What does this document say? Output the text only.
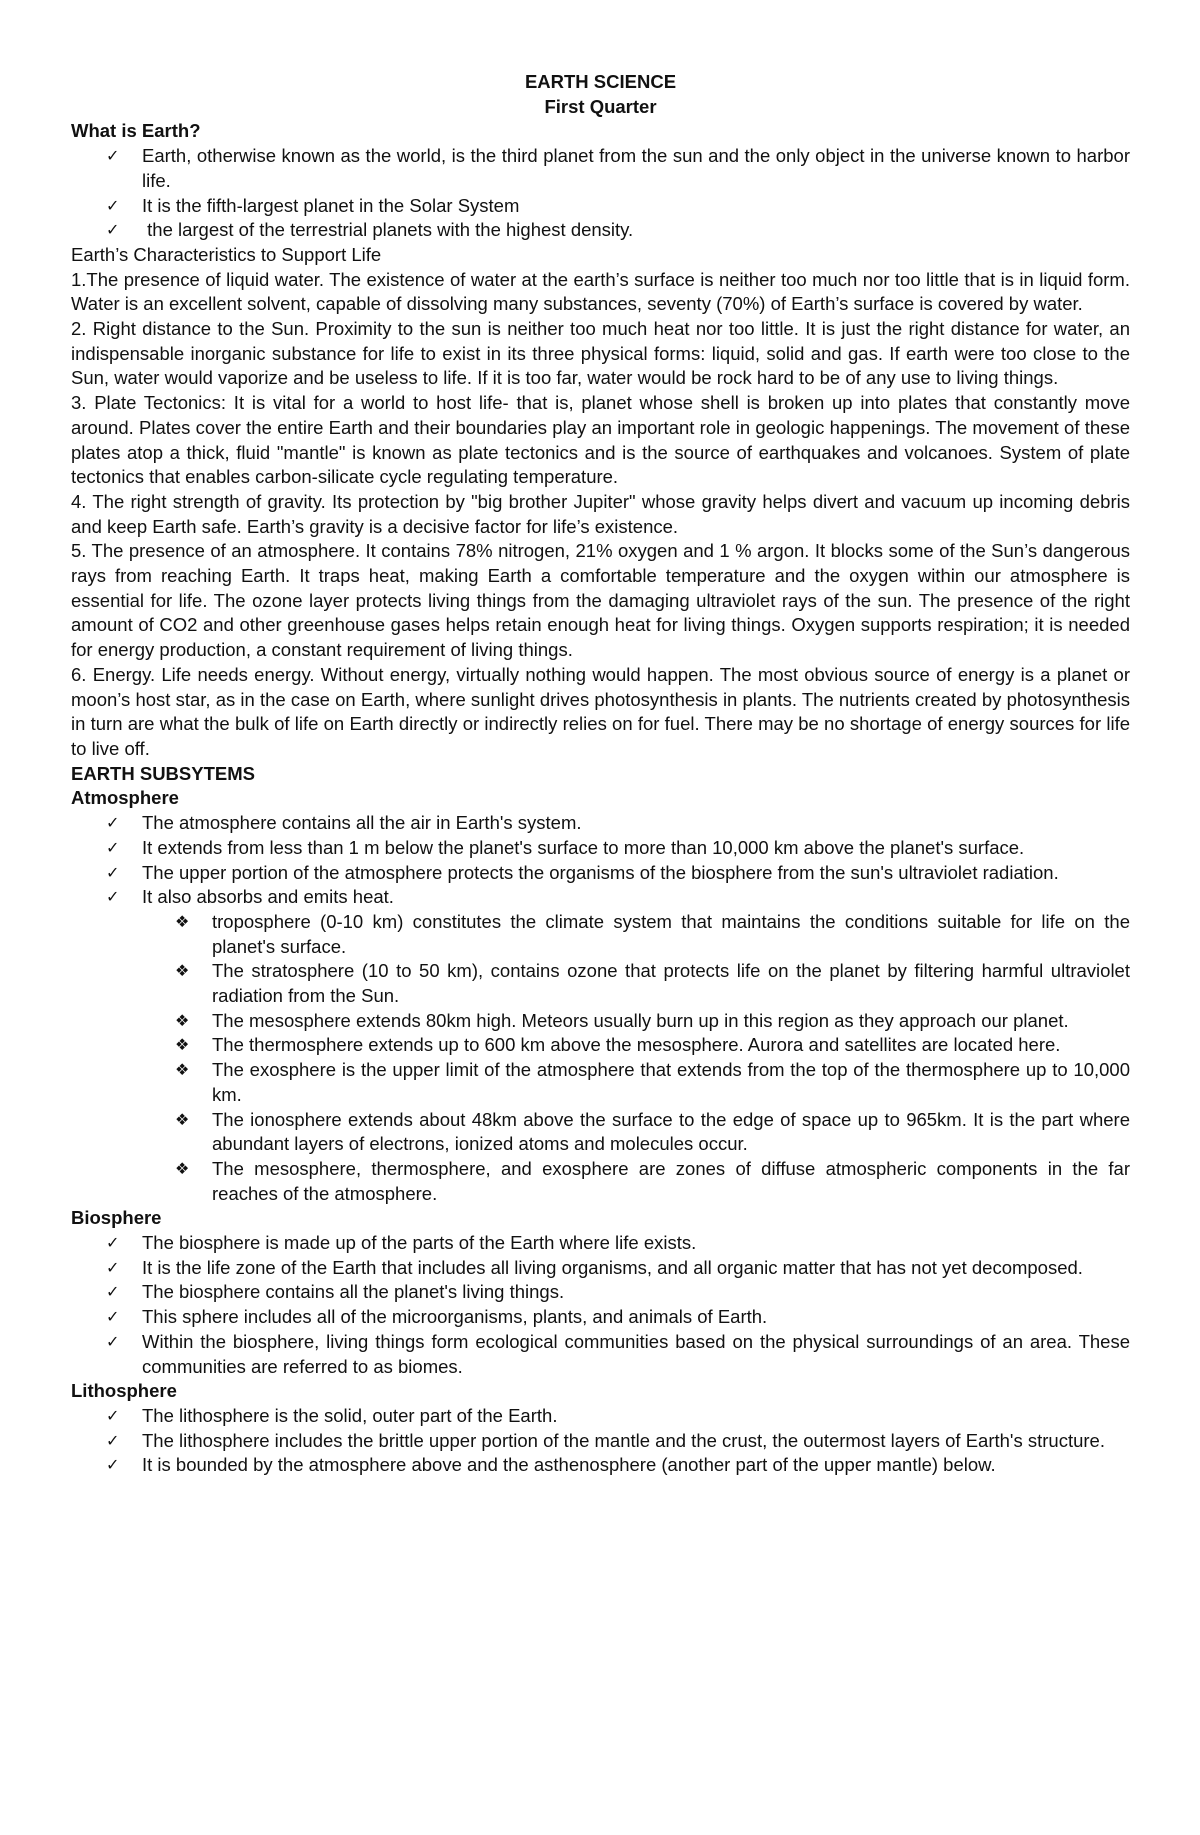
EARTH SCIENCE
First Quarter
What is Earth?
✓ Earth, otherwise known as the world, is the third planet from the sun and the only object in the universe known to harbor life.
✓ It is the fifth-largest planet in the Solar System
✓ the largest of the terrestrial planets with the highest density.

Earth’s Characteristics to Support Life

1.The presence of liquid water. The existence of water at the earth’s surface is neither too much nor too little that is in liquid form. Water is an excellent solvent, capable of dissolving many substances, seventy (70%) of Earth’s surface is covered by water.

2. Right distance to the Sun. Proximity to the sun is neither too much heat nor too little. It is just the right distance for water, an indispensable inorganic substance for life to exist in its three physical forms: liquid, solid and gas. If earth were too close to the Sun, water would vaporize and be useless to life. If it is too far, water would be rock hard to be of any use to living things.

3. Plate Tectonics: It is vital for a world to host life- that is, planet whose shell is broken up into plates that constantly move around. Plates cover the entire Earth and their boundaries play an important role in geologic happenings. The movement of these plates atop a thick, fluid "mantle" is known as plate tectonics and is the source of earthquakes and volcanoes. System of plate tectonics that enables carbon-silicate cycle regulating temperature.

4. The right strength of gravity. Its protection by "big brother Jupiter" whose gravity helps divert and vacuum up incoming debris and keep Earth safe. Earth’s gravity is a decisive factor for life’s existence.

5. The presence of an atmosphere. It contains 78% nitrogen, 21% oxygen and 1 % argon. It blocks some of the Sun’s dangerous rays from reaching Earth. It traps heat, making Earth a comfortable temperature and the oxygen within our atmosphere is essential for life. The ozone layer protects living things from the damaging ultraviolet rays of the sun. The presence of the right amount of CO2 and other greenhouse gases helps retain enough heat for living things. Oxygen supports respiration; it is needed for energy production, a constant requirement of living things.

6. Energy. Life needs energy. Without energy, virtually nothing would happen. The most obvious source of energy is a planet or moon’s host star, as in the case on Earth, where sunlight drives photosynthesis in plants. The nutrients created by photosynthesis in turn are what the bulk of life on Earth directly or indirectly relies on for fuel. There may be no shortage of energy sources for life to live off.

EARTH SUBSYTEMS
Atmosphere
✓ The atmosphere contains all the air in Earth's system.
✓ It extends from less than 1 m below the planet's surface to more than 10,000 km above the planet's surface.
✓ The upper portion of the atmosphere protects the organisms of the biosphere from the sun's ultraviolet radiation.
✓ It also absorbs and emits heat.
❖ troposphere (0-10 km) constitutes the climate system that maintains the conditions suitable for life on the planet's surface.
❖ The stratosphere (10 to 50 km), contains ozone that protects life on the planet by filtering harmful ultraviolet radiation from the Sun.
❖ The mesosphere extends 80km high. Meteors usually burn up in this region as they approach our planet.
❖ The thermosphere extends up to 600 km above the mesosphere. Aurora and satellites are located here.
❖ The exosphere is the upper limit of the atmosphere that extends from the top of the thermosphere up to 10,000 km.
❖ The ionosphere extends about 48km above the surface to the edge of space up to 965km. It is the part where abundant layers of electrons, ionized atoms and molecules occur.
❖ The mesosphere, thermosphere, and exosphere are zones of diffuse atmospheric components in the far reaches of the atmosphere.
Biosphere
✓ The biosphere is made up of the parts of the Earth where life exists.
✓ It is the life zone of the Earth that includes all living organisms, and all organic matter that has not yet decomposed.
✓ The biosphere contains all the planet's living things.
✓ This sphere includes all of the microorganisms, plants, and animals of Earth.
✓ Within the biosphere, living things form ecological communities based on the physical surroundings of an area. These communities are referred to as biomes.
Lithosphere
✓ The lithosphere is the solid, outer part of the Earth.
✓ The lithosphere includes the brittle upper portion of the mantle and the crust, the outermost layers of Earth's structure.
✓ It is bounded by the atmosphere above and the asthenosphere (another part of the upper mantle) below.
